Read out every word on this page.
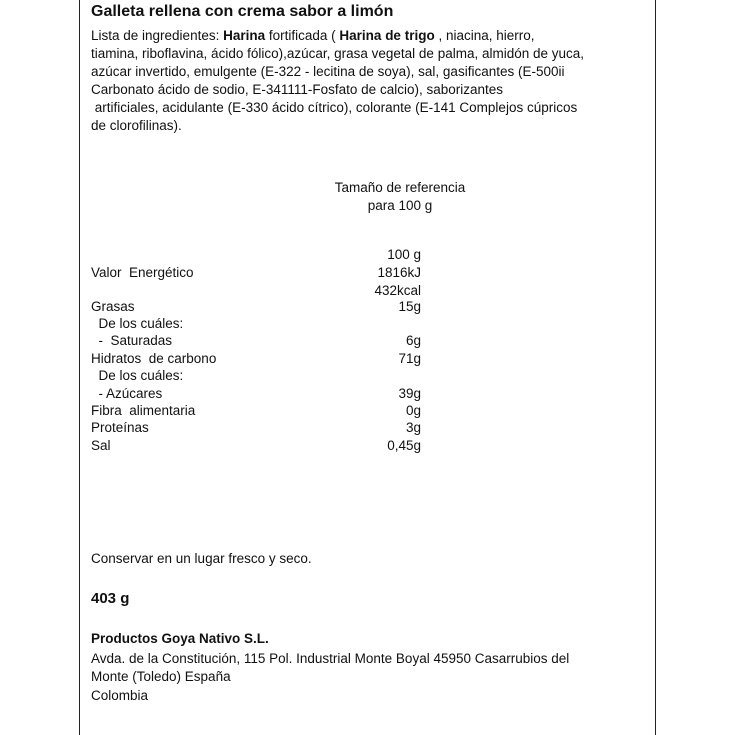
Galleta rellena con crema sabor a limón
Lista de ingredientes: Harina fortificada ( Harina de trigo , niacina, hierro,
tiamina, riboflavina, ácido fólico),azúcar, grasa vegetal de palma, almidón de yuca,
azúcar invertido, emulgente (E-322 - lecitina de soya), sal, gasificantes (E-500ii
Carbonato ácido de sodio, E-341111-Fosfato de calcio), saborizantes
artificiales, acidulante (E-330 ácido cítrico), colorante (E-141 Complejos cúpricos
de clorofilinas).
Tamaño de referencia
para 100 g
100 g
Valor  Energético	1816kJ
432kcal
Grasas	15g
De los cuáles:
-  Saturadas	6g
Hidratos  de carbono	71g
De los cuáles:
- Azúcares	39g
Fibra  alimentaria	0g
Proteínas	3g
Sal	0,45g
Conservar en un lugar fresco y seco.
403 g
Productos Goya Nativo S.L.
Avda. de la Constitución, 115 Pol. Industrial Monte Boyal 45950 Casarrubios del
Monte (Toledo) España
Colombia
